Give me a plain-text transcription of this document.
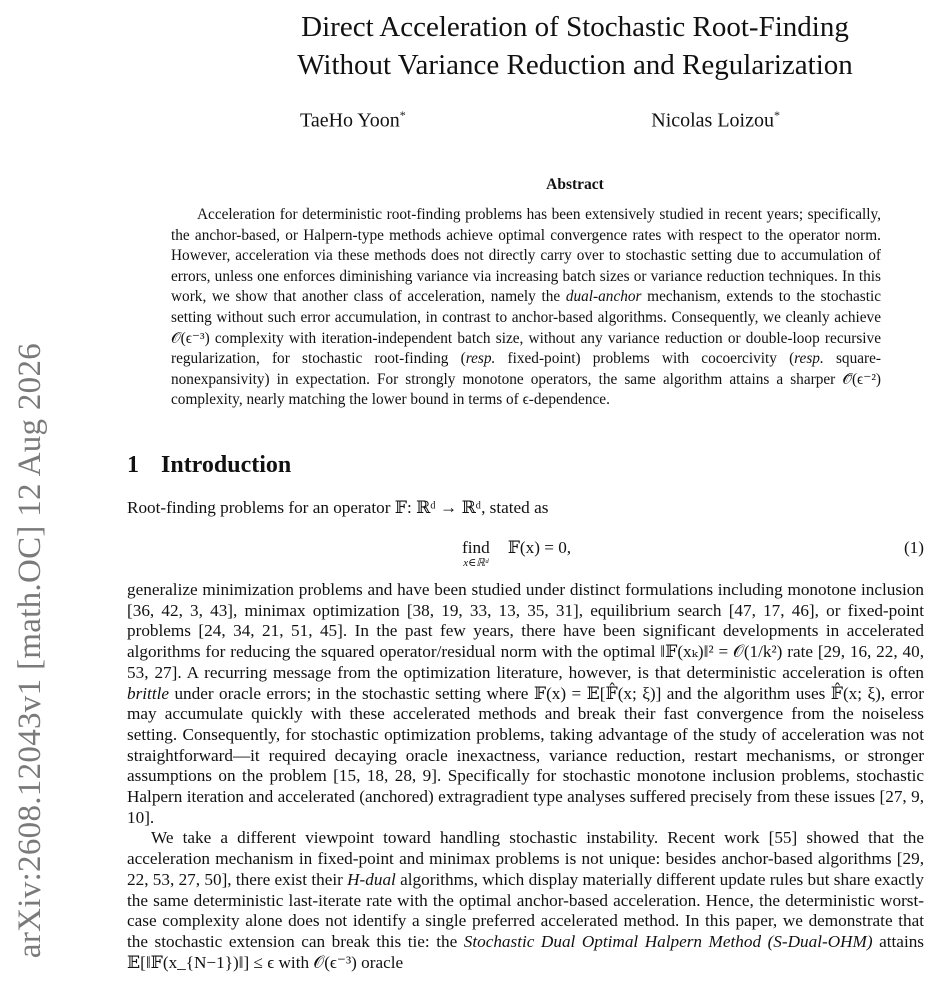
arXiv:2608.12043v1 [math.OC] 12 Aug 2026
Direct Acceleration of Stochastic Root-Finding
Without Variance Reduction and Regularization
TaeHo Yoon*	Nicolas Loizou*
Abstract
Acceleration for deterministic root-finding problems has been extensively studied in recent years; specifically, the anchor-based, or Halpern-type methods achieve optimal convergence rates with respect to the operator norm. However, acceleration via these methods does not directly carry over to stochastic setting due to accumulation of errors, unless one enforces diminishing variance via increasing batch sizes or variance reduction techniques. In this work, we show that another class of acceleration, namely the dual-anchor mechanism, extends to the stochastic setting without such error accumulation, in contrast to anchor-based algorithms. Consequently, we cleanly achieve 𝒪(ϵ⁻³) complexity with iteration-independent batch size, without any variance reduction or double-loop recursive regularization, for stochastic root-finding (resp. fixed-point) problems with cocoercivity (resp. square-nonexpansivity) in expectation. For strongly monotone operators, the same algorithm attains a sharper 𝒪̃(ϵ⁻²) complexity, nearly matching the lower bound in terms of ϵ-dependence.
1 Introduction
Root-finding problems for an operator 𝔽: ℝᵈ → ℝᵈ, stated as
find
x∈ℝᵈ
𝔽(x) = 0,	(1)

generalize minimization problems and have been studied under distinct formulations including monotone inclusion [36, 42, 3, 43], minimax optimization [38, 19, 33, 13, 35, 31], equilibrium search [47, 17, 46], or fixed-point problems [24, 34, 21, 51, 45]. In the past few years, there have been significant developments in accelerated algorithms for reducing the squared operator/residual norm with the optimal ‖𝔽(xₖ)‖² = 𝒪(1/k²) rate [29, 16, 22, 40, 53, 27]. A recurring message from the optimization literature, however, is that deterministic acceleration is often brittle under oracle errors; in the stochastic setting where 𝔽(x) = 𝔼[𝔽̂(x; ξ)] and the algorithm uses 𝔽̂(x; ξ), error may accumulate quickly with these accelerated methods and break their fast convergence from the noiseless setting. Consequently, for stochastic optimization problems, taking advantage of the study of acceleration was not straightforward—it required decaying oracle inexactness, variance reduction, restart mechanisms, or stronger assumptions on the problem [15, 18, 28, 9]. Specifically for stochastic monotone inclusion problems, stochastic Halpern iteration and accelerated (anchored) extragradient type analyses suffered precisely from these issues [27, 9, 10].

We take a different viewpoint toward handling stochastic instability. Recent work [55] showed that the acceleration mechanism in fixed-point and minimax problems is not unique: besides anchor-based algorithms [29, 22, 53, 27, 50], there exist their H-dual algorithms, which display materially different update rules but share exactly the same deterministic last-iterate rate with the optimal anchor-based acceleration. Hence, the deterministic worst-case complexity alone does not identify a single preferred accelerated method. In this paper, we demonstrate that the stochastic extension can break this tie: the Stochastic Dual Optimal Halpern Method (S-Dual-OHM) attains 𝔼[‖𝔽(x_{N−1})‖] ≤ ϵ with 𝒪(ϵ⁻³) oracle
